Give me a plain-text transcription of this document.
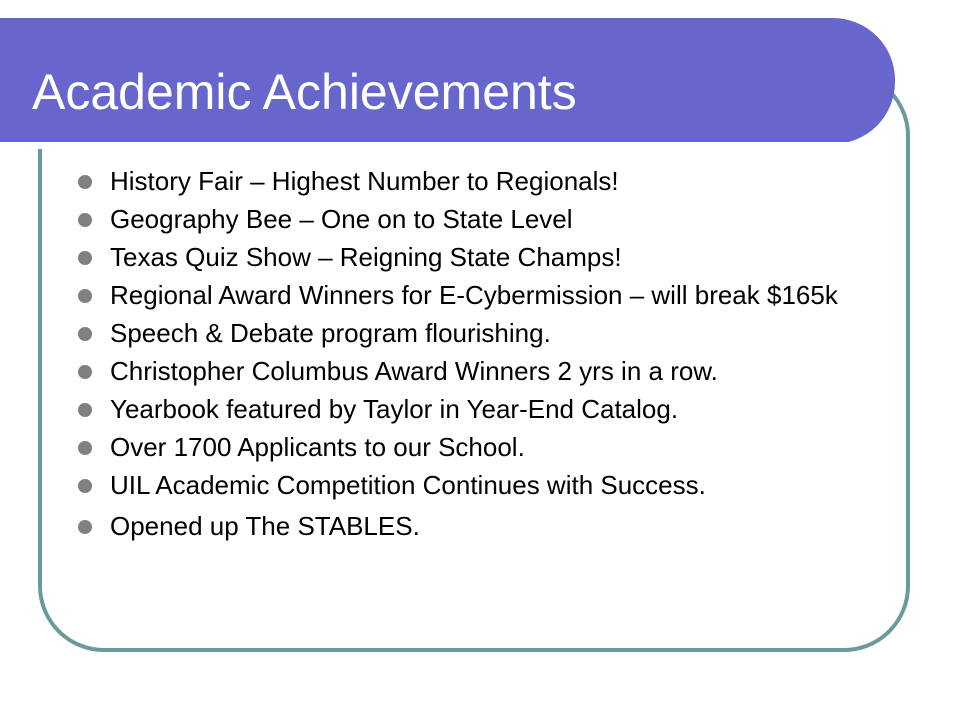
Academic Achievements
History Fair – Highest Number to Regionals!
Geography Bee – One on to State Level
Texas Quiz Show – Reigning State Champs!
Regional Award Winners for E-Cybermission – will break $165k
Speech & Debate program flourishing.
Christopher Columbus Award Winners 2 yrs in a row.
Yearbook featured by Taylor in Year-End Catalog.
Over 1700 Applicants to our School.
UIL Academic Competition Continues with Success.
Opened up The STABLES.
